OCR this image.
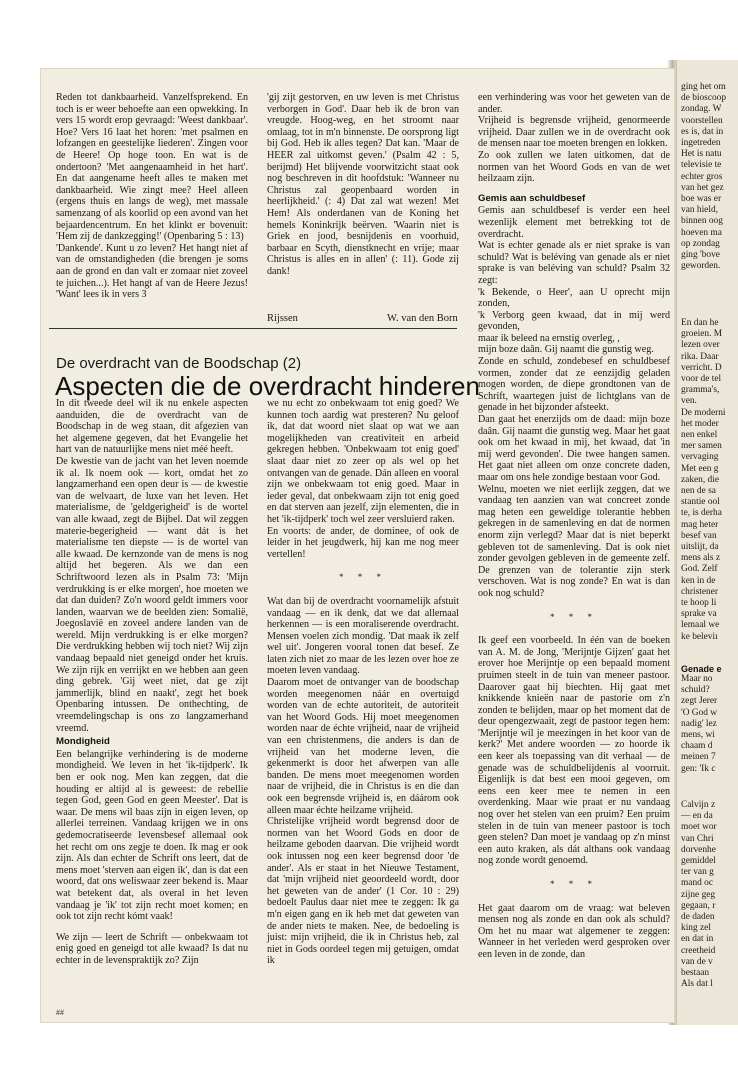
Reden tot dankbaarheid. Vanzelfsprekend. En toch is er weer behoefte aan een opwekking. In vers 15 wordt erop gevraagd: 'Weest dankbaar'. Hoe? Vers 16 laat het horen: 'met psalmen en lofzangen en geestelijke liederen'. Zingen voor de Heere! Op hoge toon. En wat is de ondertoon? 'Met aangenaamheid in het hart'. En dat aangename heeft alles te maken met dankbaarheid. Wie zingt mee? Heel alleen (ergens thuis en langs de weg), met massale samenzang of als koorlid op een avond van het bejaardencentrum. En het klinkt er bovenuit: 'Hem zij de dankzegging!' (Openbaring 5 : 13)
'Dankende'. Kunt u zo leven? Het hangt niet af van de omstandigheden (die brengen je soms aan de grond en dan valt er zomaar niet zoveel te juichen...). Het hangt af van de Heere Jezus! 'Want' lees ik in vers 3

'gij zijt gestorven, en uw leven is met Christus verborgen in God'. Daar heb ik de bron van vreugde. Hoog-weg, en het stroomt naar omlaag, tot in m'n binnenste. De oorsprong ligt bij God. Heb ik alles tegen? Dat kan. 'Maar de HEER zal uitkomst geven.' (Psalm 42 : 5, berijmd) Het blijvende voorwitzicht staat ook nog beschreven in dit hoofdstuk: 'Wanneer nu Christus zal geopenbaard worden in heerlijkheid.' (: 4) Dat zal wat wezen! Met Hem! Als onderdanen van de Koning het hemels Koninkrijk beërven. 'Waarin niet is Griek en jood, besnijdenis en voorhuid, barbaar en Scyth, dienstknecht en vrije; maar Christus is alles en in allen' (: 11). Gode zij dank!

Rijssen	W. van den Born
De overdracht van de Boodschap (2)
Aspecten die de overdracht hinderen

In dit tweede deel wil ik nu enkele aspecten aanduiden, die de overdracht van de Boodschap in de weg staan, dit afgezien van het algemene gegeven, dat het Evangelie het hart van de natuurlijke mens niet méé heeft.
De kwestie van de jacht van het leven noemde ik al. Ik noem ook — kort, omdat het zo langzamerhand een open deur is — de kwestie van de welvaart, de luxe van het leven. Het materialisme, de 'geldgerigheid' is de wortel van alle kwaad, zegt de Bijbel. Dat wil zeggen materie-begerigheid — want dát is het materialisme ten diepste — is de wortel van alle kwaad. De kernzonde van de mens is nog altijd het begeren. Als we dan een Schriftwoord lezen als in Psalm 73: 'Mijn verdrukking is er elke morgen', hoe moeten we dat dan duiden? Zo'n woord geldt immers voor landen, waarvan we de beelden zien: Somalië, Joegoslavië en zoveel andere landen van de wereld. Mijn verdrukking is er elke morgen? Die verdrukking hebben wij toch niet? Wij zijn vandaag bepaald niet geneigd onder het kruis. We zijn rijk en verrijkt en we hebben aan geen ding gebrek. 'Gij weet niet, dat ge zijt jammerlijk, blind en naakt', zegt het boek Openbaring intussen. De onthechting, de vreemdelingschap is ons zo langzamerhand vreemd.

Mondigheid

Een belangrijke verhindering is de moderne mondigheid. We leven in het 'ik-tijdperk'. Ik ben er ook nog. Men kan zeggen, dat die houding er altijd al is geweest: de rebellie tegen God, geen God en geen Meester'. Dat is waar. De mens wil baas zijn in eigen leven, op allerlei terreinen. Vandaag krijgen we in ons gedemocratiseerde levensbesef allemaal ook het recht om ons zegje te doen. Ik mag er ook zijn. Als dan echter de Schrift ons leert, dat de mens moet 'sterven aan eigen ik', dan is dat een woord, dat ons weliswaar zeer bekend is. Maar wat betekent dat, als overal in het leven vandaag je 'ik' tot zijn recht moet komen; en ook tot zijn recht kómt vaak!

We zijn — leert de Schrift — onbekwaam tot enig goed en geneigd tot alle kwaad? Is dat nu echter in de levenspraktijk zo? Zijn

we nu echt zo onbekwaam tot enig goed? We kunnen toch aardig wat presteren? Nu geloof ik, dat dat woord niet slaat op wat we aan mogelijkheden van creativiteit en arbeid gekregen hebben. 'Onbekwaam tot enig goed' slaat daar niet zo zeer op als wel op het ontvangen van de genade. Dán alleen en vooral zijn we onbekwaam tot enig goed. Maar in ieder geval, dat onbekwaam zijn tot enig goed en dat sterven aan jezelf, zijn elementen, die in het 'ik-tijdperk' toch wel zeer versluierd raken.
En voorts: de ander, de dominee, of ook de leider in het jeugdwerk, hij kan me nog meer vertellen!

* * *

Wat dan bij de overdracht voornamelijk afstuit vandaag — en ik denk, dat we dat allemaal herkennen — is een moraliserende overdracht. Mensen voelen zich mondig. 'Dat maak ik zelf wel uit'. Jongeren vooral tonen dat besef. Ze laten zich niet zo maar de les lezen over hoe ze moeten leven vandaag.
Daarom moet de ontvanger van de boodschap worden meegenomen náár en overtuigd worden van de echte autoriteit, de autoriteit van het Woord Gods. Hij moet meegenomen worden naar de échte vrijheid, naar de vrijheid van een christenmens, die anders is dan de vrijheid van het moderne leven, die gekenmerkt is door het afwerpen van alle banden. De mens moet meegenomen worden naar de vrijheid, die in Christus is en die dan ook een begrensde vrijheid is, en dáárom ook alleen maar échte heilzame vrijheid.
Christelijke vrijheid wordt begrensd door de normen van het Woord Gods en door de heilzame geboden daarvan. Die vrijheid wordt ook intussen nog een keer begrensd door 'de ander'. Als er staat in het Nieuwe Testament, dat 'mijn vrijheid niet geoordeeld wordt, door het geweten van de ander' (1 Cor. 10 : 29) bedoelt Paulus daar niet mee te zeggen: Ik ga m'n eigen gang en ik heb met dat geweten van de ander niets te maken. Nee, de bedoeling is juist: mijn vrijheid, die ik in Christus heb, zal niet in Gods oordeel tegen mij getuigen, omdat ik

een verhindering was voor het geweten van de ander.
Vrijheid is begrensde vrijheid, genormeerde vrijheid. Daar zullen we in de overdracht ook de mensen naar toe moeten brengen en lokken.
Zo ook zullen we laten uitkomen, dat de normen van het Woord Gods en van de wet heilzaam zijn.

Gemis aan schuldbesef

Gemis aan schuldbesef is verder een heel wezenlijk element met betrekking tot de overdracht.
Wat is echter genade als er niet sprake is van schuld? Wat is beléving van genade als er niet sprake is van beléving van schuld? Psalm 32 zegt:
'k Bekende, o Heer', aan U oprecht mijn zonden,
'k Verborg geen kwaad, dat in mij werd gevonden,
maar ik beleed na ernstig overleg, ,
mijn boze daân. Gij naamt die gunstig weg.
Zonde en schuld, zondebesef en schuldbesef vormen, zonder dat ze eenzijdig geladen mogen worden, de diepe grondtonen van de Schrift, waartegen juist de lichtglans van de genade in het bijzonder afsteekt.
Dan gaat het enerzijds om de daad: mijn boze daân. Gij naamt die gunstig weg. Maar het gaat ook om het kwaad in mij, het kwaad, dat 'in mij werd gevonden'. Die twee hangen samen. Het gaat niet alleen om onze concrete daden, maar om ons hele zondige bestaan voor God.
Welnu, moeten we niet eerlijk zeggen, dat we vandaag ten aanzien van wat concreet zonde mag heten een geweldige tolerantie hebben gekregen in de samenleving en dat de normen enorm zijn verlegd? Maar dat is niet beperkt gebleven tot de samenleving. Dat is ook niet zonder gevolgen gebleven in de gemeente zelf. De grenzen van de tolerantie zijn sterk verschoven. Wat is nog zonde? En wat is dan ook nog schuld?

* * *

Ik geef een voorbeeld. In één van de boeken van A. M. de Jong, 'Merijntje Gijzen' gaat het erover hoe Merijntje op een bepaald moment pruimen steelt in de tuin van meneer pastoor. Daarover gaat hij biechten. Hij gaat met knikkende knieën naar de pastorie om z'n zonden te belijden, maar op het moment dat de deur opengezwaait, zegt de pastoor tegen hem: 'Merijntje wil je meezingen in het koor van de kerk?' Met andere woorden — zo hoorde ik een keer als toepassing van dit verhaal — de genade was de schuldbelijdenis al voorruit. Eigenlijk is dat best een mooi gegeven, om eens een keer mee te nemen in een overdenking. Maar wie praat er nu vandaag nog over het stelen van een pruim? Een pruim stelen in de tuin van meneer pastoor is toch geen stelen? Dan moet je vandaag op z'n minst een auto kraken, als dát althans ook vandaag nog zonde wordt genoemd.

* * *

Het gaat daarom om de vraag: wat beleven mensen nog als zonde en dan ook als schuld? Om het nu maar wat algemener te zeggen: Wanneer in het verleden werd gesproken over een leven in de zonde, dan

##
ging het om
de bioscoop
zondag. W
voorstellen
es is, dat in
ingetreden
Het is natu
televisie te
echter gros
van het gez
boe was er
van hield,
binnen oog
hoeven ma
op zondag
ging 'bove
geworden.
En dan he
groeien. M
lezen over
rika. Daar
verricht. D
voor de tel
gramma's,
ven.
De moderni
het moder
nen enkel
mer samen
vervaging
Met een g
zaken, die
nen de sa
stantie ool
te, is derha
mag heter
besef van
uitslijt, da
mens als z
God. Zelf
ken in de
christener
te hoop li
sprake va
lemaal we
ke beleviı
Genade e
Maar no
schuld?
zegt Jerer
'O God w
nadig' lez
mens, wi
chaam d
meinen 7
gen: 'Ik c
Calvijn z
— en da
moet wor
van Chri
dorvenhe
gemiddel
ter van g
mand oc
zijne geg
gegaan, r
de daden
king zel
en dat in
creetheid
van de v
bestaan
Als dat l
